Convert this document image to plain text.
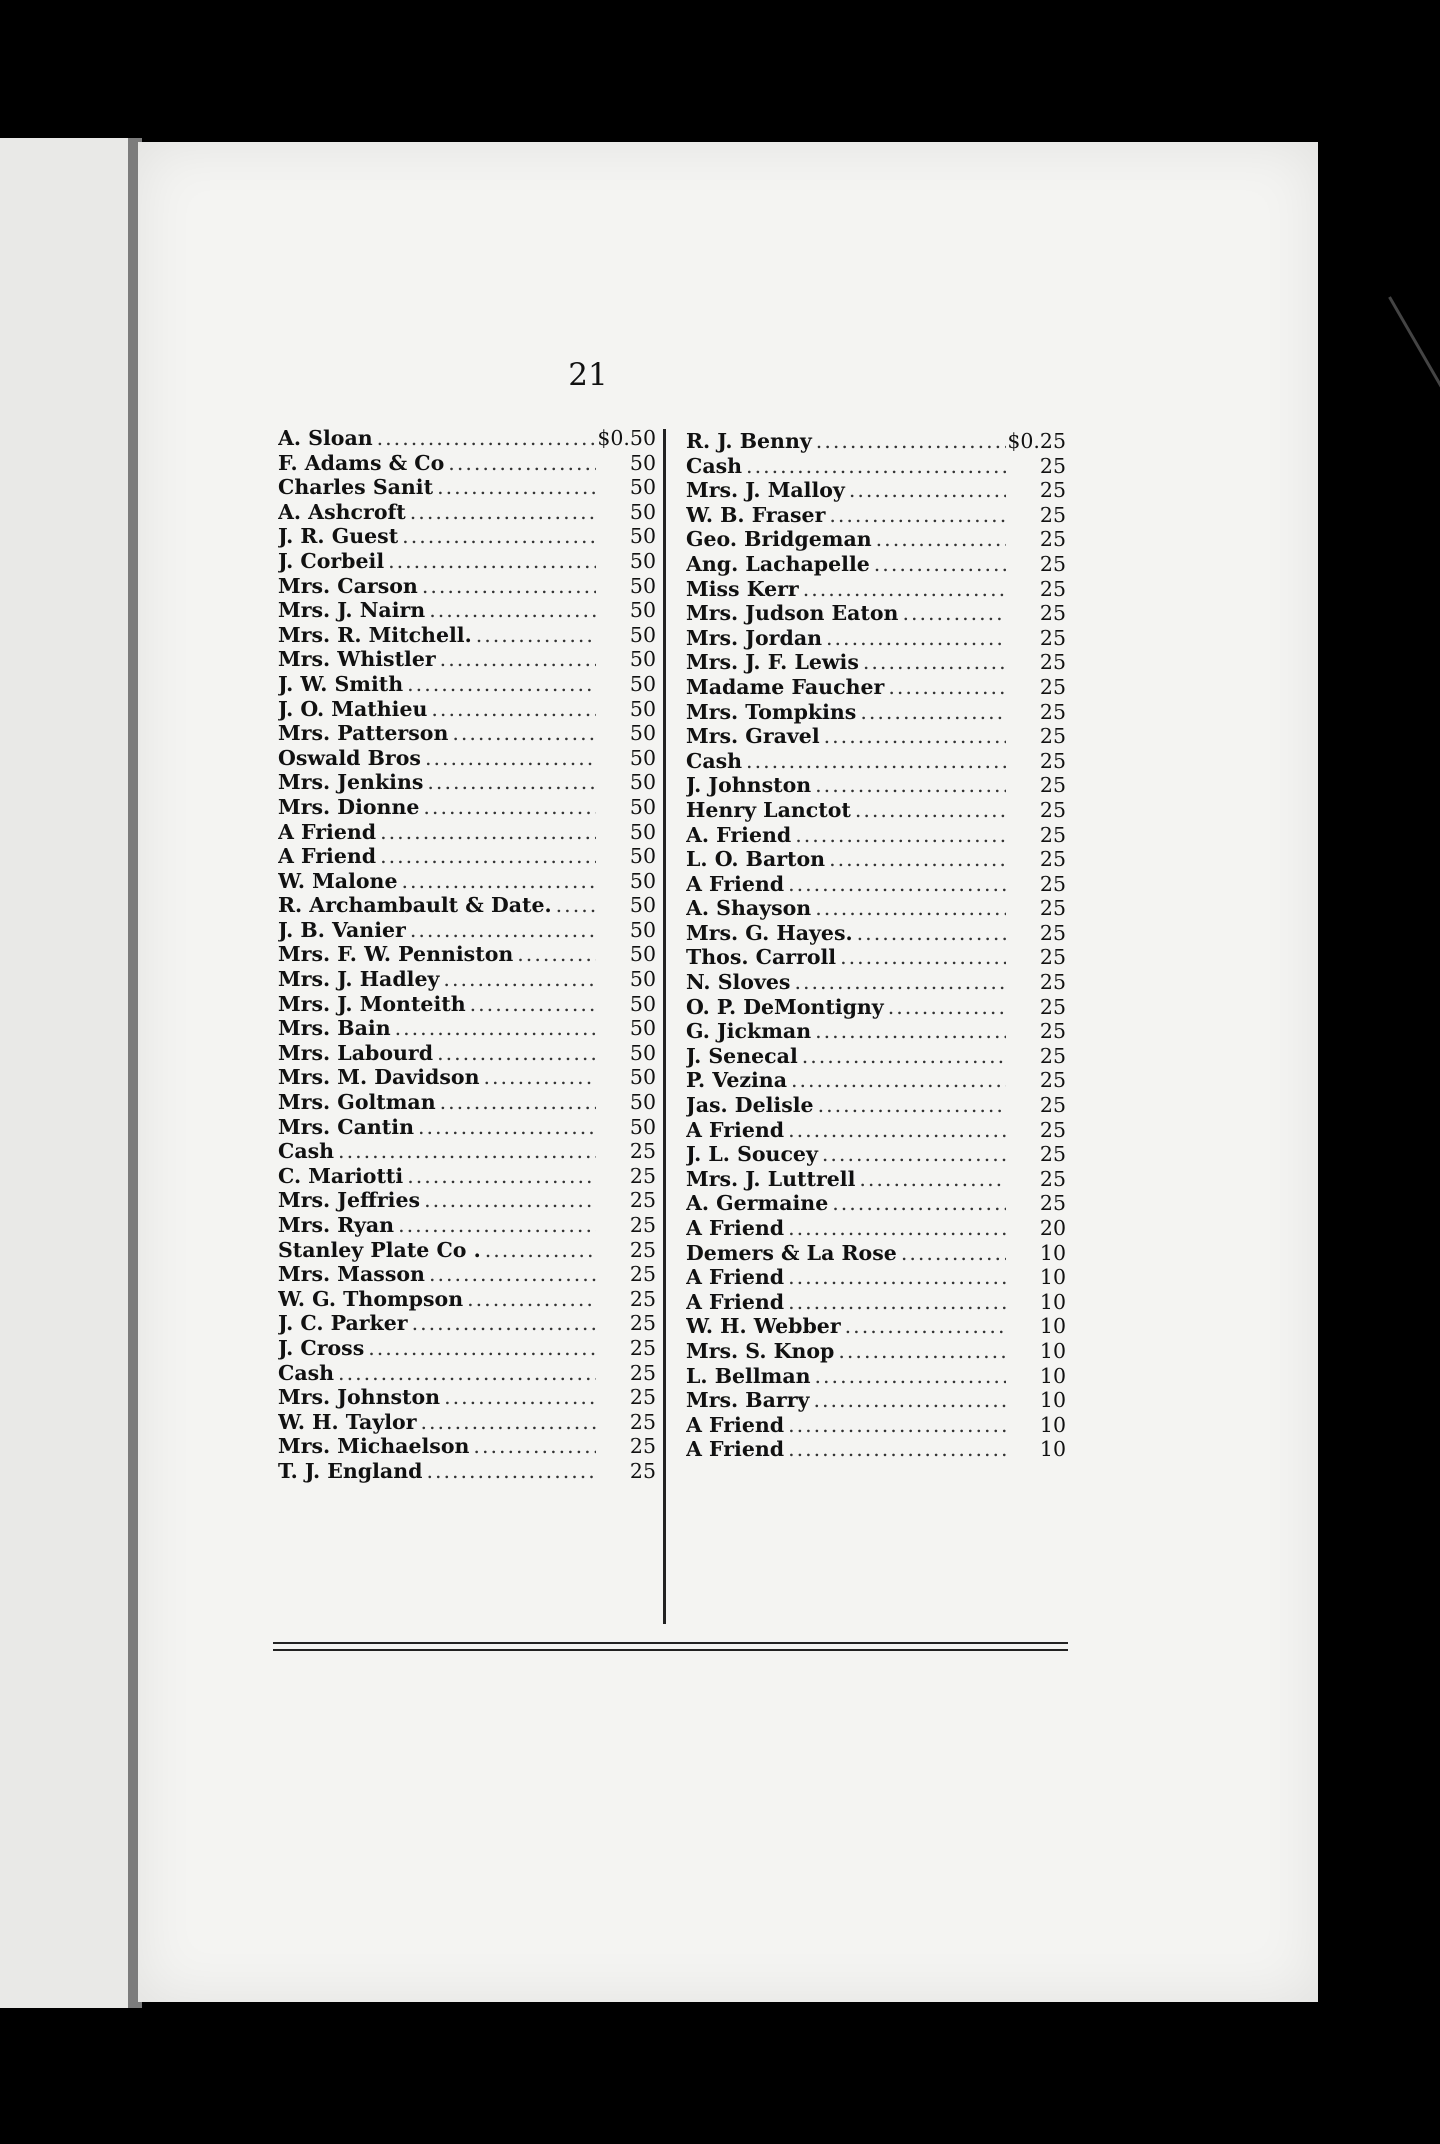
21
A. Sloan .....	$0.50
F. Adams & Co .....	50
Charles Sanit .....	50
A. Ashcroft .....	50
J. R. Guest .....	50
J. Corbeil .....	50
Mrs. Carson .....	50
Mrs. J. Nairn .....	50
Mrs. R. Mitchell. .....	50
Mrs. Whistler .....	50
J. W. Smith .....	50
J. O. Mathieu .....	50
Mrs. Patterson .....	50
Oswald Bros .....	50
Mrs. Jenkins .....	50
Mrs. Dionne .....	50
A Friend .....	50
A Friend .....	50
W. Malone .....	50
R. Archambault & Date. .....	50
J. B. Vanier .....	50
Mrs. F. W. Penniston .....	50
Mrs. J. Hadley .....	50
Mrs. J. Monteith .....	50
Mrs. Bain .....	50
Mrs. Labourd .....	50
Mrs. M. Davidson .....	50
Mrs. Goltman .....	50
Mrs. Cantin .....	50
Cash .....	25
C. Mariotti .....	25
Mrs. Jeffries .....	25
Mrs. Ryan .....	25
Stanley Plate Co . .....	25
Mrs. Masson .....	25
W. G. Thompson .....	25
J. C. Parker .....	25
J. Cross .....	25
Cash .....	25
Mrs. Johnston .....	25
W. H. Taylor .....	25
Mrs. Michaelson .....	25
T. J. England .....	25
R. J. Benny .....	$0.25
Cash .....	25
Mrs. J. Malloy .....	25
W. B. Fraser .....	25
Geo. Bridgeman .....	25
Ang. Lachapelle .....	25
Miss Kerr .....	25
Mrs. Judson Eaton .....	25
Mrs. Jordan .....	25
Mrs. J. F. Lewis .....	25
Madame Faucher .....	25
Mrs. Tompkins .....	25
Mrs. Gravel .....	25
Cash .....	25
J. Johnston .....	25
Henry Lanctot .....	25
A. Friend .....	25
L. O. Barton .....	25
A Friend .....	25
A. Shayson .....	25
Mrs. G. Hayes. .....	25
Thos. Carroll .....	25
N. Sloves .....	25
O. P. DeMontigny .....	25
G. Jickman .....	25
J. Senecal .....	25
P. Vezina .....	25
Jas. Delisle .....	25
A Friend .....	25
J. L. Soucey .....	25
Mrs. J. Luttrell .....	25
A. Germaine .....	25
A Friend .....	20
Demers & La Rose .....	10
A Friend .....	10
A Friend .....	10
W. H. Webber .....	10
Mrs. S. Knop .....	10
L. Bellman .....	10
Mrs. Barry .....	10
A Friend .....	10
A Friend .....	10
